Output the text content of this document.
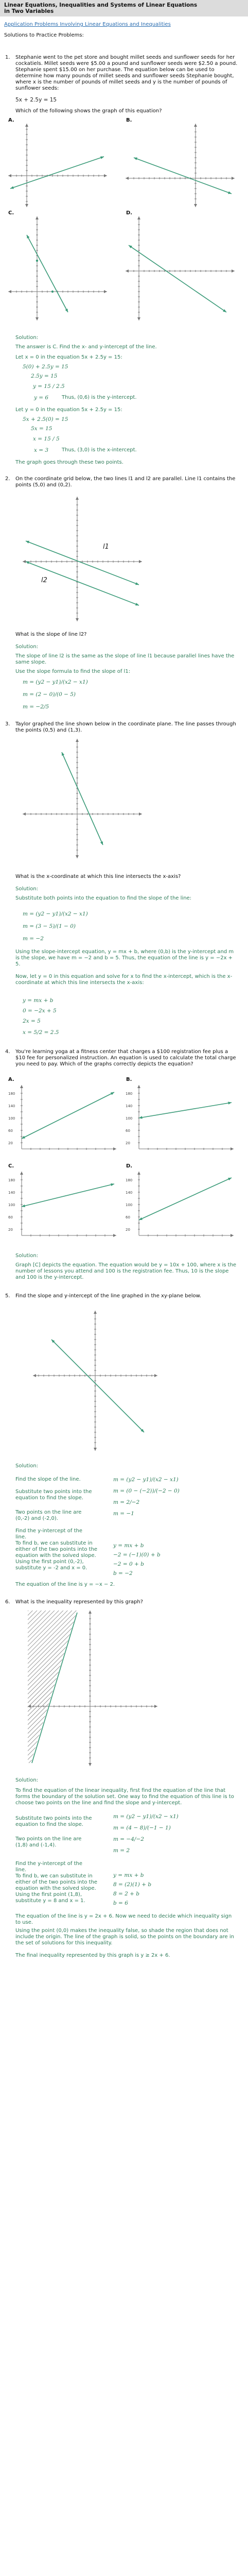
Linear Equations, Inequalities and Systems of Linear Equations
in Two Variables
Application Problems Involving Linear Equations and Inequalities
Solutions to Practice Problems:
1. Stephanie went to the pet store and bought millet seeds and sunflower seeds for her cockatiels. Millet seeds were $5.00 a pound and sunflower seeds were $2.50 a pound. Stephanie spent $15.00 on her purchase. The equation below can be used to determine how many pounds of millet seeds and sunflower seeds Stephanie bought, where x is the number of pounds of millet seeds and y is the number of pounds of sunflower seeds:
5x + 2.5y = 15
Which of the following shows the graph of this equation?
A.	B.
C.	D.
Solution:
The answer is C. Find the x- and y-intercept of the line.
Let x = 0 in the equation 5x + 2.5y = 15:
5(0) + 2.5y = 15
2.5y = 15
y = 15 / 2.5
y = 6	Thus, (0,6) is the y-intercept.
Let y = 0 in the equation 5x + 2.5y = 15:
5x + 2.5(0) = 15
5x = 15
x = 15 / 5
x = 3	Thus, (3,0) is the x-intercept.
The graph goes through these two points.
2. On the coordinate grid below, the two lines l1 and l2 are parallel. Line l1 contains the points (5,0) and (0,2).
l1
l2
What is the slope of line l2?
Solution:
The slope of line l2 is the same as the slope of line l1 because parallel lines have the same slope.
Use the slope formula to find the slope of l1:
m = (y2 − y1)/(x2 − x1)
m = (2 − 0)/(0 − 5)
m = −2/5
3. Taylor graphed the line shown below in the coordinate plane. The line passes through the points (0,5) and (1,3).
What is the x-coordinate at which this line intersects the x-axis?
Solution:
Substitute both points into the equation to find the slope of the line:
m = (y2 − y1)/(x2 − x1)
m = (3 − 5)/(1 − 0)
m = −2
Using the slope-intercept equation, y = mx + b, where (0,b) is the y-intercept and m is the slope, we have m = −2 and b = 5. Thus, the equation of the line is y = −2x + 5.
Now, let y = 0 in this equation and solve for x to find the x-intercept, which is the x-coordinate at which this line intersects the x-axis:
y = mx + b
0 = −2x + 5
2x = 5
x = 5/2 = 2.5
4. You're learning yoga at a fitness center that charges a $100 registration fee plus a $10 fee for personalized instruction. An equation is used to calculate the total charge you need to pay. Which of the graphs correctly depicts the equation?
A.	B.
180
140
100
60
20
180
140
100
60
20
C.	D.
180
140
100
60
20
180
140
100
60
20
Solution:
Graph [C] depicts the equation. The equation would be y = 10x + 100, where x is the number of lessons you attend and 100 is the registration fee. Thus, 10 is the slope and 100 is the y-intercept.
5. Find the slope and y-intercept of the line graphed in the xy-plane below.
Solution:
Find the slope of the line.
Substitute two points into the equation to find the slope.
Two points on the line are (0,-2) and (-2,0).
m = (y2 − y1)/(x2 − x1)
m = (0 − (−2))/(−2 − 0)
m = 2/−2
m = −1
Find the y-intercept of the line.
To find b, we can substitute in either of the two points into the equation with the solved slope. Using the first point (0,-2), substitute y = -2 and x = 0.
y = mx + b
−2 = (−1)(0) + b
−2 = 0 + b
b = −2
The equation of the line is y = −x − 2.
6. What is the inequality represented by this graph?
Solution:
To find the equation of the linear inequality, first find the equation of the line that forms the boundary of the solution set. One way to find the equation of this line is to choose two points on the line and find the slope and y-intercept.
Substitute two points into the equation to find the slope.
Two points on the line are (1,8) and (-1,4).
m = (y2 − y1)/(x2 − x1)
m = (4 − 8)/(−1 − 1)
m = −4/−2
m = 2
Find the y-intercept of the line.
To find b, we can substitute in either of the two points into the equation with the solved slope. Using the first point (1,8), substitute y = 8 and x = 1.
y = mx + b
8 = (2)(1) + b
8 = 2 + b
b = 6
The equation of the line is y = 2x + 6. Now we need to decide which inequality sign to use.
Using the point (0,0) makes the inequality false, so shade the region that does not include the origin. The line of the graph is solid, so the points on the boundary are in the set of solutions for this inequality.
The final inequality represented by this graph is y ≥ 2x + 6.
